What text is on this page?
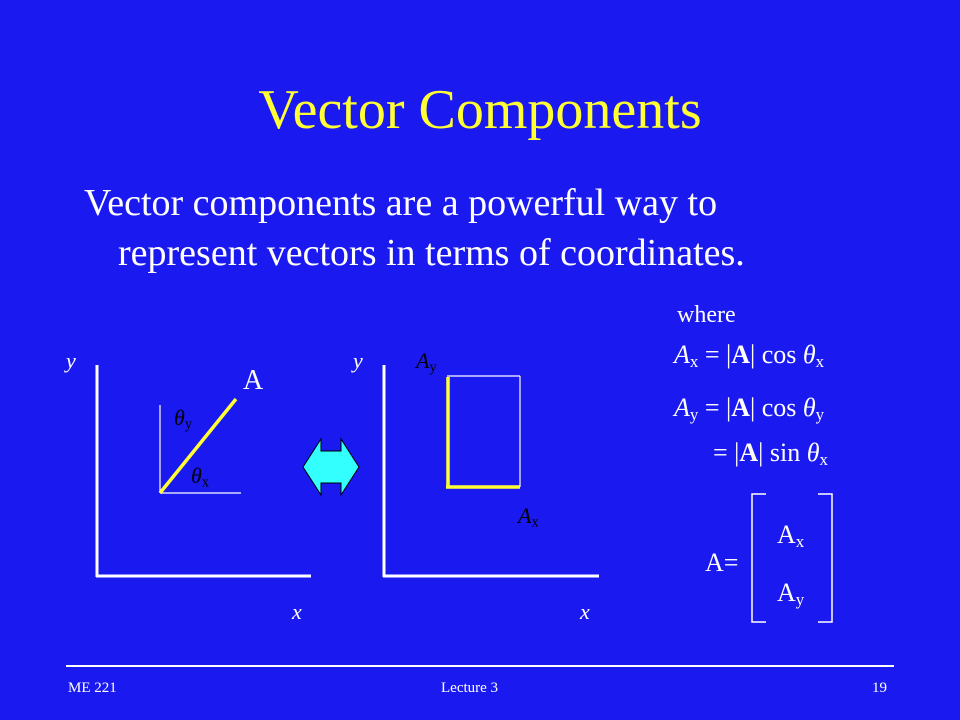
Vector Components
Vector components are a powerful way to
represent vectors in terms of coordinates.
y
x
A
$\theta_y$
$\theta_x$
y
x
$A_y$
$A_x$
where
$A_x = |A|$ $\cos \theta_x$
$A_y = |A|$ $\cos \theta_y$
= |A| $\sin \theta_x$
A=
$A_x$
$A_y$
ME 221	Lecture 3	19
